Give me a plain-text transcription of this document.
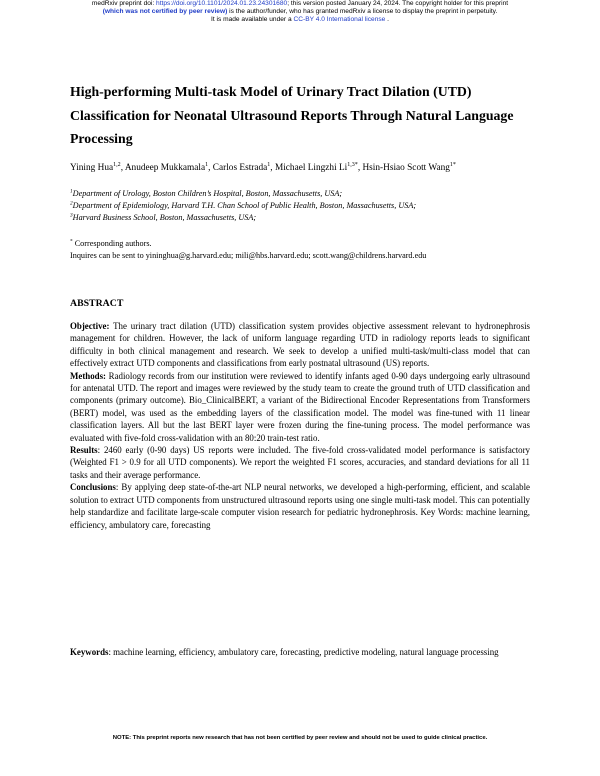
medRxiv preprint doi: https://doi.org/10.1101/2024.01.23.24301680; this version posted January 24, 2024. The copyright holder for this preprint
(which was not certified by peer review) is the author/funder, who has granted medRxiv a license to display the preprint in perpetuity.
It is made available under a CC-BY 4.0 International license .
High-performing Multi-task Model of Urinary Tract Dilation (UTD) Classification for Neonatal Ultrasound Reports Through Natural Language Processing
Yining Hua$^{1,2}$, Anudeep Mukkamala$^1$, Carlos Estrada$^1$, Michael Lingzhi $Li^{1,3*}$, Hsin-Hsiao Scott Wang$^{1*}$
$^1$Department of Urology, Boston Children’s Hospital, Boston, Massachusetts, USA;
$^2$Department of Epidemiology, Harvard T.H. Chan School of Public Health, Boston, Massachusetts, USA;
$^3$Harvard Business School, Boston, Massachusetts, USA;
* Corresponding authors.
Inquires can be sent to yininghua@g.harvard.edu; mili@hbs.harvard.edu; scott.wang@childrens.harvard.edu
ABSTRACT

Objective: The urinary tract dilation (UTD) classification system provides objective assessment relevant to hydronephrosis management for children. However, the lack of uniform language regarding UTD in radiology reports leads to significant difficulty in both clinical management and research. We seek to develop a unified multi-task/multi-class model that can effectively extract UTD components and classifications from early postnatal ultrasound (US) reports.

Methods: Radiology records from our institution were reviewed to identify infants aged 0-90 days undergoing early ultrasound for antenatal UTD. The report and images were reviewed by the study team to create the ground truth of UTD classification and components (primary outcome). Bio_ClinicalBERT, a variant of the Bidirectional Encoder Representations from Transformers (BERT) model, was used as the embedding layers of the classification model. The model was fine-tuned with 11 linear classification layers. All but the last BERT layer were frozen during the fine-tuning process. The model performance was evaluated with five-fold cross-validation with an 80:20 train-test ratio.

Results: 2460 early (0-90 days) US reports were included. The five-fold cross-validated model performance is satisfactory (Weighted F1 > 0.9 for all UTD components). We report the weighted F1 scores, accuracies, and standard deviations for all 11 tasks and their average performance.

Conclusions: By applying deep state-of-the-art NLP neural networks, we developed a high-performing, efficient, and scalable solution to extract UTD components from unstructured ultrasound reports using one single multi-task model. This can potentially help standardize and facilitate large-scale computer vision research for pediatric hydronephrosis. Key Words: machine learning, efficiency, ambulatory care, forecasting

Keywords: machine learning, efficiency, ambulatory care, forecasting, predictive modeling, natural language processing

NOTE: This preprint reports new research that has not been certified by peer review and should not be used to guide clinical practice.
